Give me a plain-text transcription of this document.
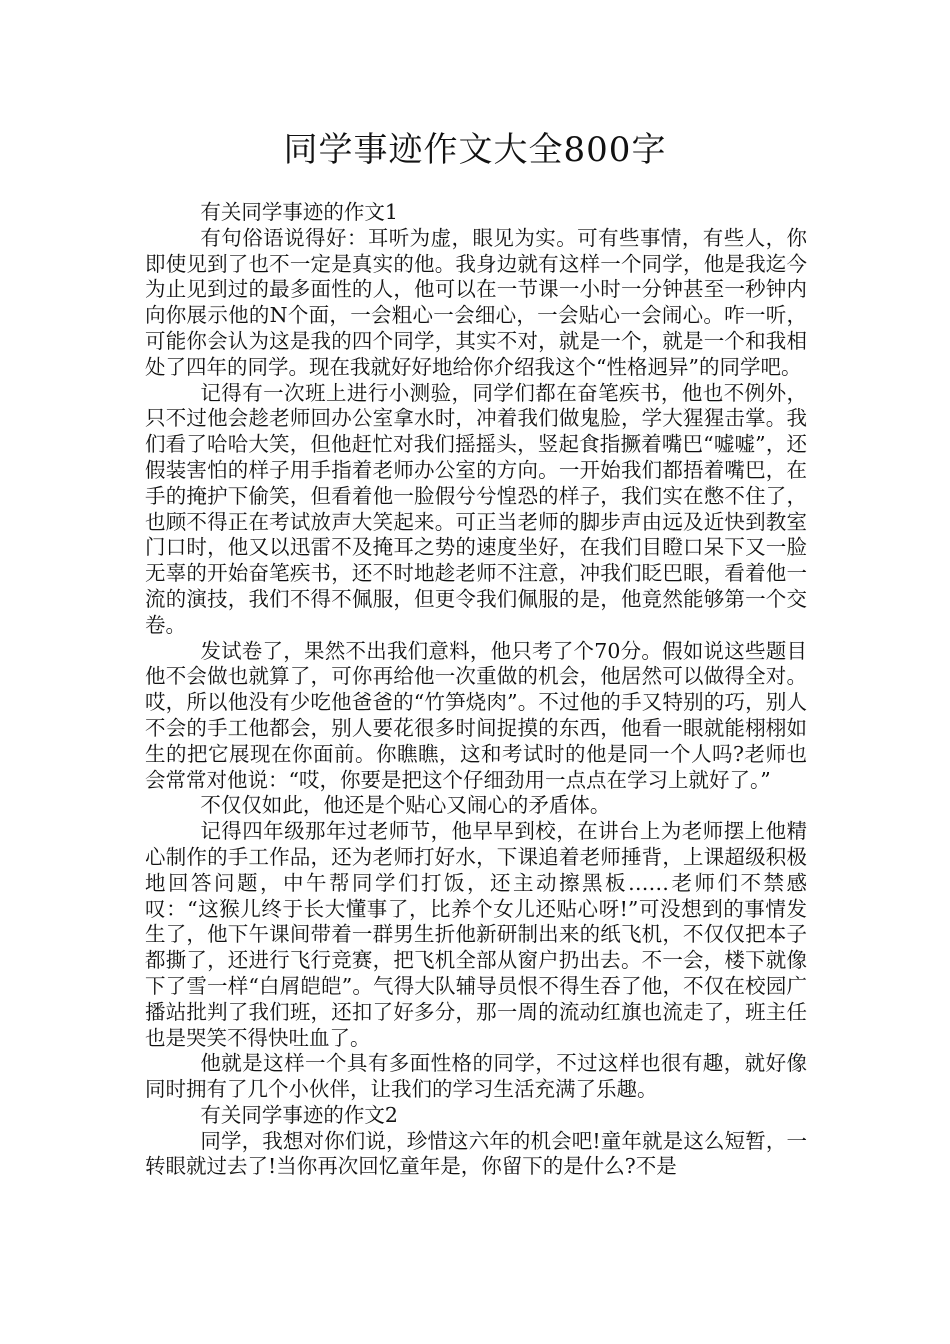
同学事迹作文大全800字

有关同学事迹的作文1

有句俗语说得好：耳听为虚，眼见为实。可有些事情，有些人，你即使见到了也不一定是真实的他。我身边就有这样一个同学，他是我迄今为止见到过的最多面性的人，他可以在一节课一小时一分钟甚至一秒钟内向你展示他的N个面，一会粗心一会细心，一会贴心一会闹心。咋一听，可能你会认为这是我的四个同学，其实不对，就是一个，就是一个和我相处了四年的同学。现在我就好好地给你介绍我这个“性格迥异”的同学吧。

记得有一次班上进行小测验，同学们都在奋笔疾书，他也不例外，只不过他会趁老师回办公室拿水时，冲着我们做鬼脸，学大猩猩击掌。我们看了哈哈大笑，但他赶忙对我们摇摇头，竖起食指撅着嘴巴“嘘嘘”，还假装害怕的样子用手指着老师办公室的方向。一开始我们都捂着嘴巴，在手的掩护下偷笑，但看着他一脸假兮兮惶恐的样子，我们实在憋不住了，也顾不得正在考试放声大笑起来。可正当老师的脚步声由远及近快到教室门口时，他又以迅雷不及掩耳之势的速度坐好，在我们目瞪口呆下又一脸无辜的开始奋笔疾书，还不时地趁老师不注意，冲我们眨巴眼，看着他一流的演技，我们不得不佩服，但更令我们佩服的是，他竟然能够第一个交卷。

发试卷了，果然不出我们意料，他只考了个70分。假如说这些题目他不会做也就算了，可你再给他一次重做的机会，他居然可以做得全对。哎，所以他没有少吃他爸爸的“竹笋烧肉”。不过他的手又特别的巧，别人不会的手工他都会，别人要花很多时间捉摸的东西，他看一眼就能栩栩如生的把它展现在你面前。你瞧瞧，这和考试时的他是同一个人吗?老师也会常常对他说：“哎，你要是把这个仔细劲用一点点在学习上就好了。”

不仅仅如此，他还是个贴心又闹心的矛盾体。

记得四年级那年过老师节，他早早到校，在讲台上为老师摆上他精心制作的手工作品，还为老师打好水，下课追着老师捶背，上课超级积极地回答问题，中午帮同学们打饭，还主动擦黑板……老师们不禁感叹：“这猴儿终于长大懂事了，比养个女儿还贴心呀!”可没想到的事情发生了，他下午课间带着一群男生折他新研制出来的纸飞机，不仅仅把本子都撕了，还进行飞行竞赛，把飞机全部从窗户扔出去。不一会，楼下就像下了雪一样“白屑皑皑”。气得大队辅导员恨不得生吞了他，不仅在校园广播站批判了我们班，还扣了好多分，那一周的流动红旗也流走了，班主任也是哭笑不得快吐血了。

他就是这样一个具有多面性格的同学，不过这样也很有趣，就好像同时拥有了几个小伙伴，让我们的学习生活充满了乐趣。

有关同学事迹的作文2

同学，我想对你们说，珍惜这六年的机会吧!童年就是这么短暂，一转眼就过去了!当你再次回忆童年是，你留下的是什么?不是
